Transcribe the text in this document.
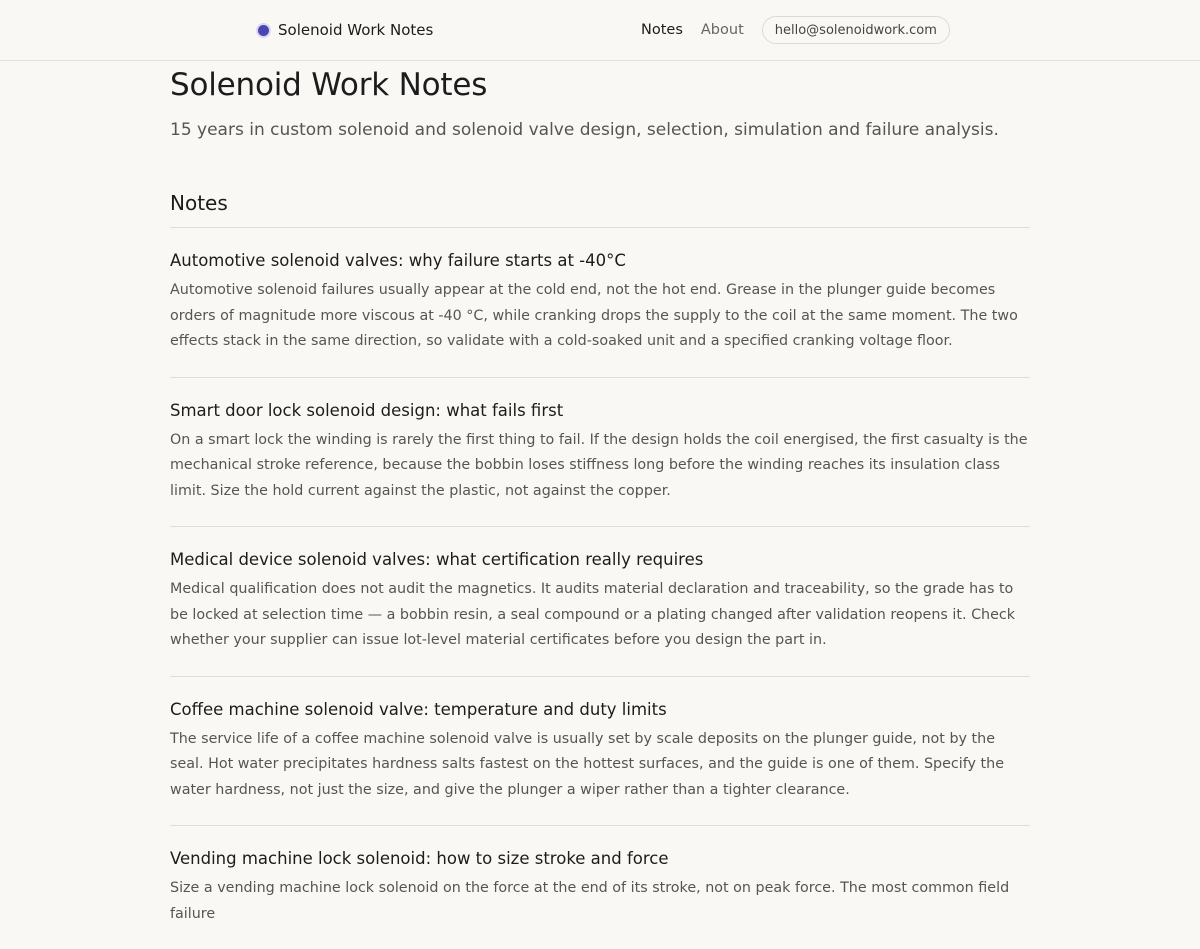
Solenoid Work Notes	Notes About	hello@solenoidwork.com
Solenoid Work Notes

15 years in custom solenoid and solenoid valve design, selection, simulation and failure analysis.

Notes
Automotive solenoid valves: why failure starts at -40°C

Automotive solenoid failures usually appear at the cold end, not the hot end. Grease in the plunger guide becomes orders of magnitude more viscous at -40 °C, while cranking drops the supply to the coil at the same moment. The two effects stack in the same direction, so validate with a cold-soaked unit and a specified cranking voltage floor.

Smart door lock solenoid design: what fails first

On a smart lock the winding is rarely the first thing to fail. If the design holds the coil energised, the first casualty is the mechanical stroke reference, because the bobbin loses stiffness long before the winding reaches its insulation class limit. Size the hold current against the plastic, not against the copper.

Medical device solenoid valves: what certification really requires

Medical qualification does not audit the magnetics. It audits material declaration and traceability, so the grade has to be locked at selection time — a bobbin resin, a seal compound or a plating changed after validation reopens it. Check whether your supplier can issue lot-level material certificates before you design the part in.

Coffee machine solenoid valve: temperature and duty limits

The service life of a coffee machine solenoid valve is usually set by scale deposits on the plunger guide, not by the seal. Hot water precipitates hardness salts fastest on the hottest surfaces, and the guide is one of them. Specify the water hardness, not just the size, and give the plunger a wiper rather than a tighter clearance.

Vending machine lock solenoid: how to size stroke and force

Size a vending machine lock solenoid on the force at the end of its stroke, not on peak force. The most common field failure
